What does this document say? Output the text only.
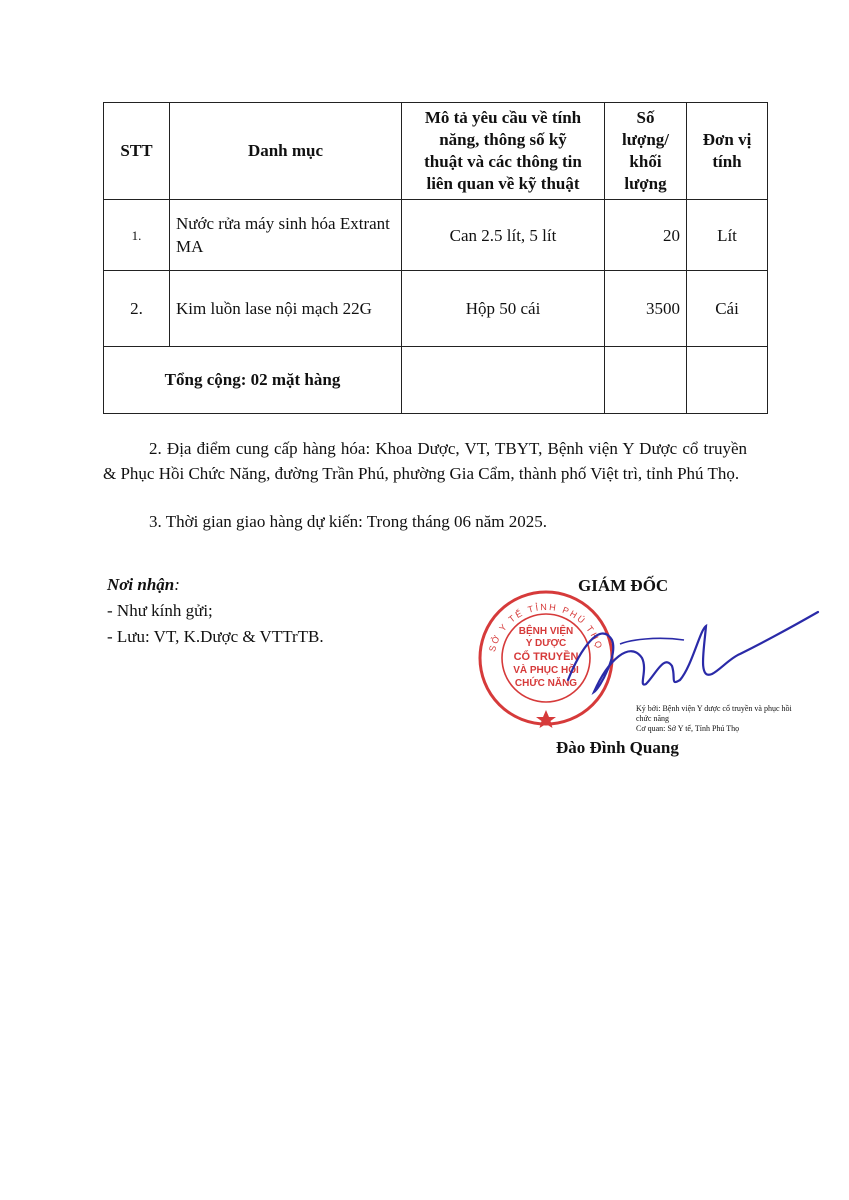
STT	Danh mục	Mô tả yêu cầu về tính
năng, thông số kỹ
thuật và các thông tin
liên quan về kỹ thuật	Số
lượng/
khối
lượng	Đơn vị
tính
1.	Nước rửa máy sinh hóa Extrant MA	Can 2.5 lít, 5 lít	20	Lít
2.	Kim luồn lase nội mạch 22G	Hộp 50 cái	3500	Cái
Tổng cộng: 02 mặt hàng				

2. Địa điểm cung cấp hàng hóa: Khoa Dược, VT, TBYT, Bệnh viện Y Dược cổ truyền & Phục Hồi Chức Năng, đường Trần Phú, phường Gia Cẩm, thành phố Việt trì, tỉnh Phú Thọ.

3. Thời gian giao hàng dự kiến: Trong tháng 06 năm 2025.

Nơi nhận:
- Như kính gửi;
- Lưu: VT, K.Dược & VTTrTB.
GIÁM ĐỐC
SỞ Y TẾ TỈNH PHÚ THỌ
BỆNH VIỆN
Y DƯỢC
CỔ TRUYỀN
VÀ PHỤC HỒI
CHỨC NĂNG
Ký bởi: Bệnh viện Y dược cổ truyền và phục hồi chức năng
Cơ quan: Sở Y tế, Tỉnh Phú Thọ
Đào Đình Quang
